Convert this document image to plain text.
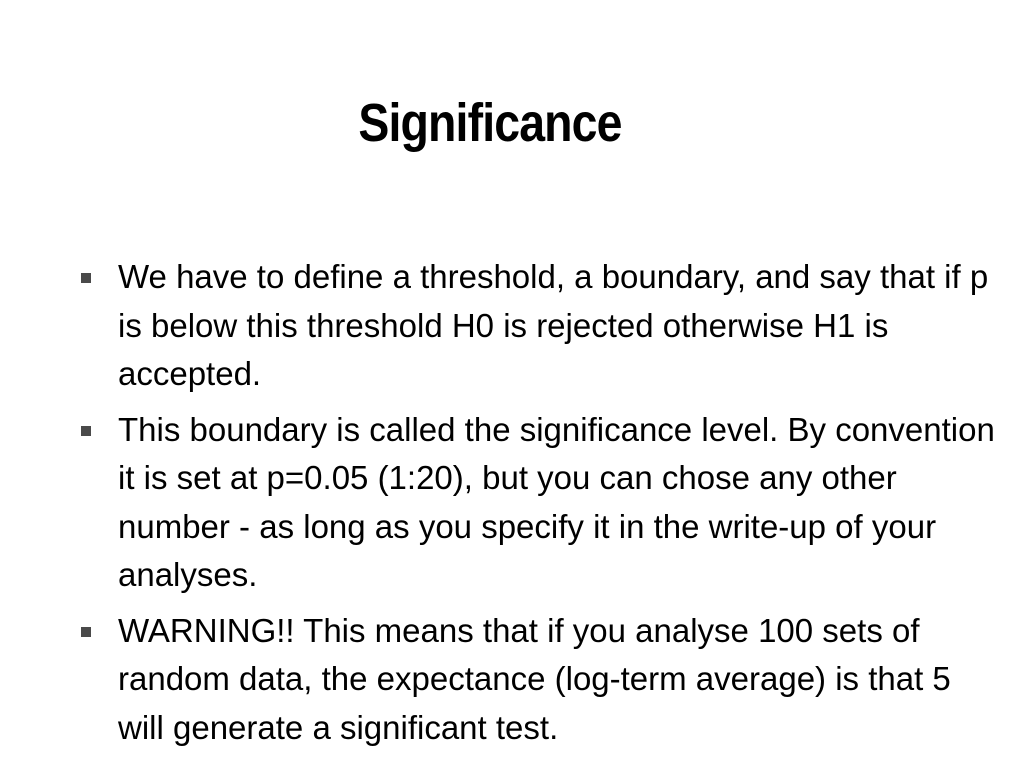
Significance
We have to define a threshold, a boundary, and say that if p is below this threshold H0 is rejected otherwise H1 is accepted.
This boundary is called the significance level. By convention it is set at p=0.05 (1:20), but you can chose any other number - as long as you specify it in the write-up of your analyses.
WARNING!! This means that if you analyse 100 sets of random data, the expectance (log-term average) is that 5 will generate a significant test.
